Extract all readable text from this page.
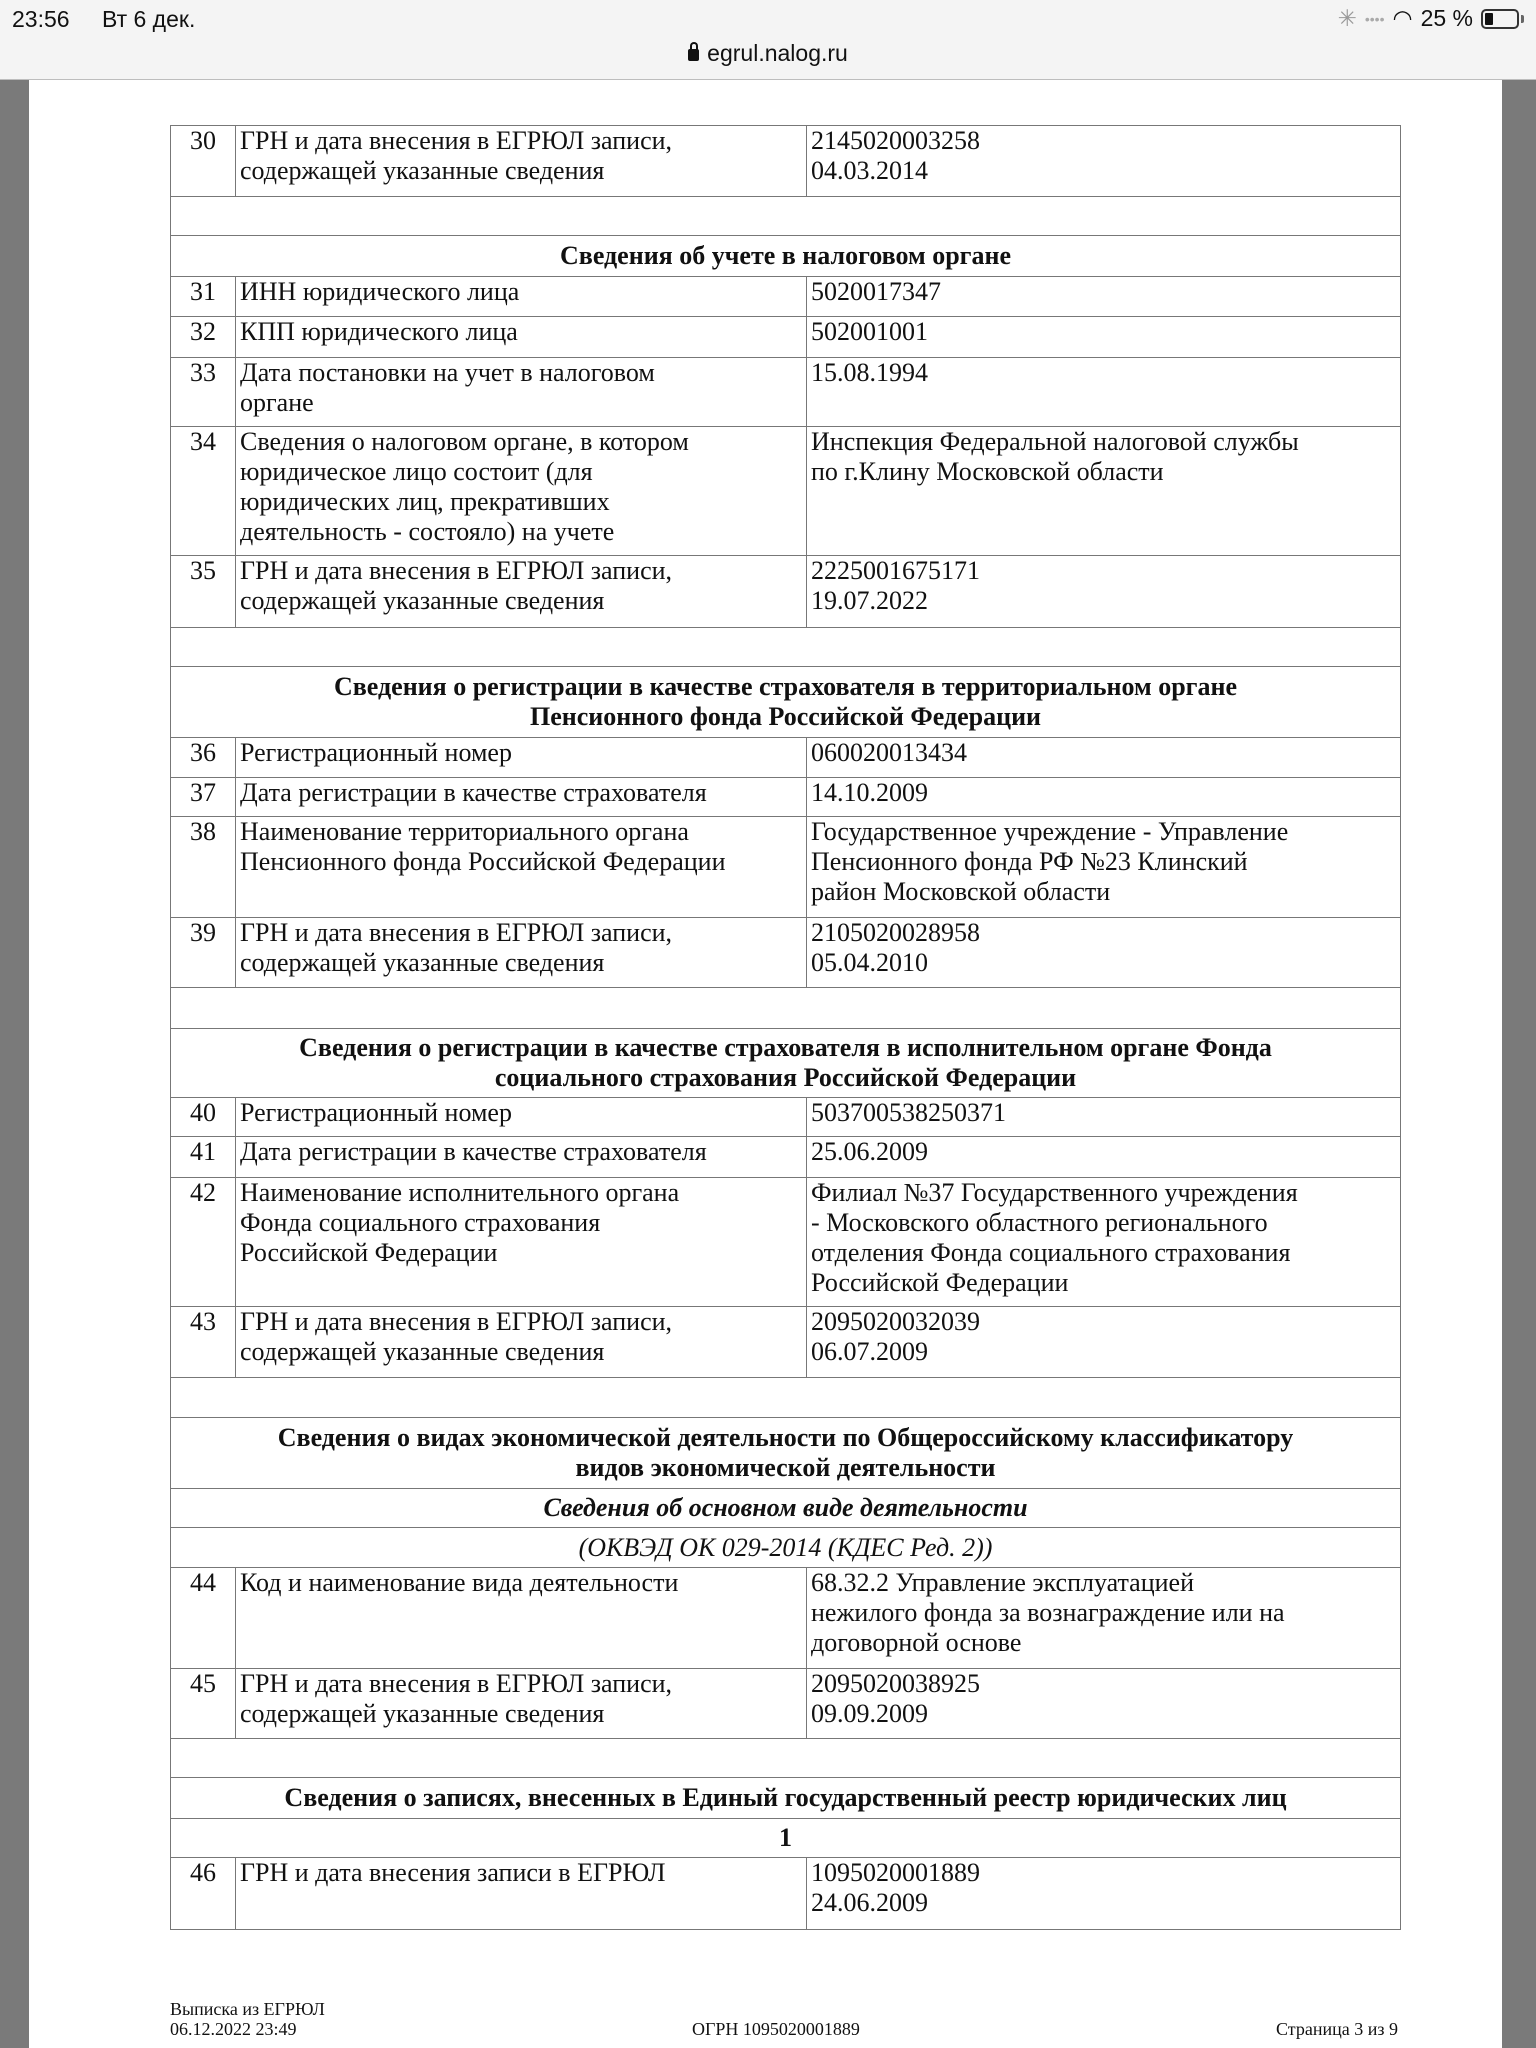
23:56 Вт 6 дек.	✳ •••• ◠ 25 %
egrul.nalog.ru
30	ГРН и дата внесения в ЕГРЮЛ записи,
содержащей указанные сведения	2145020003258
04.03.2014

Сведения об учете в налоговом органе		
31	ИНН юридического лица	5020017347
32	КПП юридического лица	502001001
33	Дата постановки на учет в налоговом
органе	15.08.1994
34	Сведения о налоговом органе, в котором
юридическое лицо состоит (для
юридических лиц, прекративших
деятельность - состояло) на учете	Инспекция Федеральной налоговой службы
по г.Клину Московской области
35	ГРН и дата внесения в ЕГРЮЛ записи,
содержащей указанные сведения	2225001675171
19.07.2022

Сведения о регистрации в качестве страхователя в территориальном органе
Пенсионного фонда Российской Федерации		
36	Регистрационный номер	060020013434
37	Дата регистрации в качестве страхователя	14.10.2009
38	Наименование территориального органа
Пенсионного фонда Российской Федерации	Государственное учреждение - Управление
Пенсионного фонда РФ №23 Клинский
район Московской области
39	ГРН и дата внесения в ЕГРЮЛ записи,
содержащей указанные сведения	2105020028958
05.04.2010

Сведения о регистрации в качестве страхователя в исполнительном органе Фонда
социального страхования Российской Федерации		
40	Регистрационный номер	503700538250371
41	Дата регистрации в качестве страхователя	25.06.2009
42	Наименование исполнительного органа
Фонда социального страхования
Российской Федерации	Филиал №37 Государственного учреждения
- Московского областного регионального
отделения Фонда социального страхования
Российской Федерации
43	ГРН и дата внесения в ЕГРЮЛ записи,
содержащей указанные сведения	2095020032039
06.07.2009

Сведения о видах экономической деятельности по Общероссийскому классификатору
видов экономической деятельности		
Сведения об основном виде деятельности		
(ОКВЭД ОК 029-2014 (КДЕС Ред. 2))		
44	Код и наименование вида деятельности	68.32.2 Управление эксплуатацией
нежилого фонда за вознаграждение или на
договорной основе
45	ГРН и дата внесения в ЕГРЮЛ записи,
содержащей указанные сведения	2095020038925
09.09.2009

Сведения о записях, внесенных в Единый государственный реестр юридических лиц		
1		
46	ГРН и дата внесения записи в ЕГРЮЛ	1095020001889
24.06.2009
Выписка из ЕГРЮЛ
06.12.2022 23:49	ОГРН 1095020001889	Страница 3 из 9
